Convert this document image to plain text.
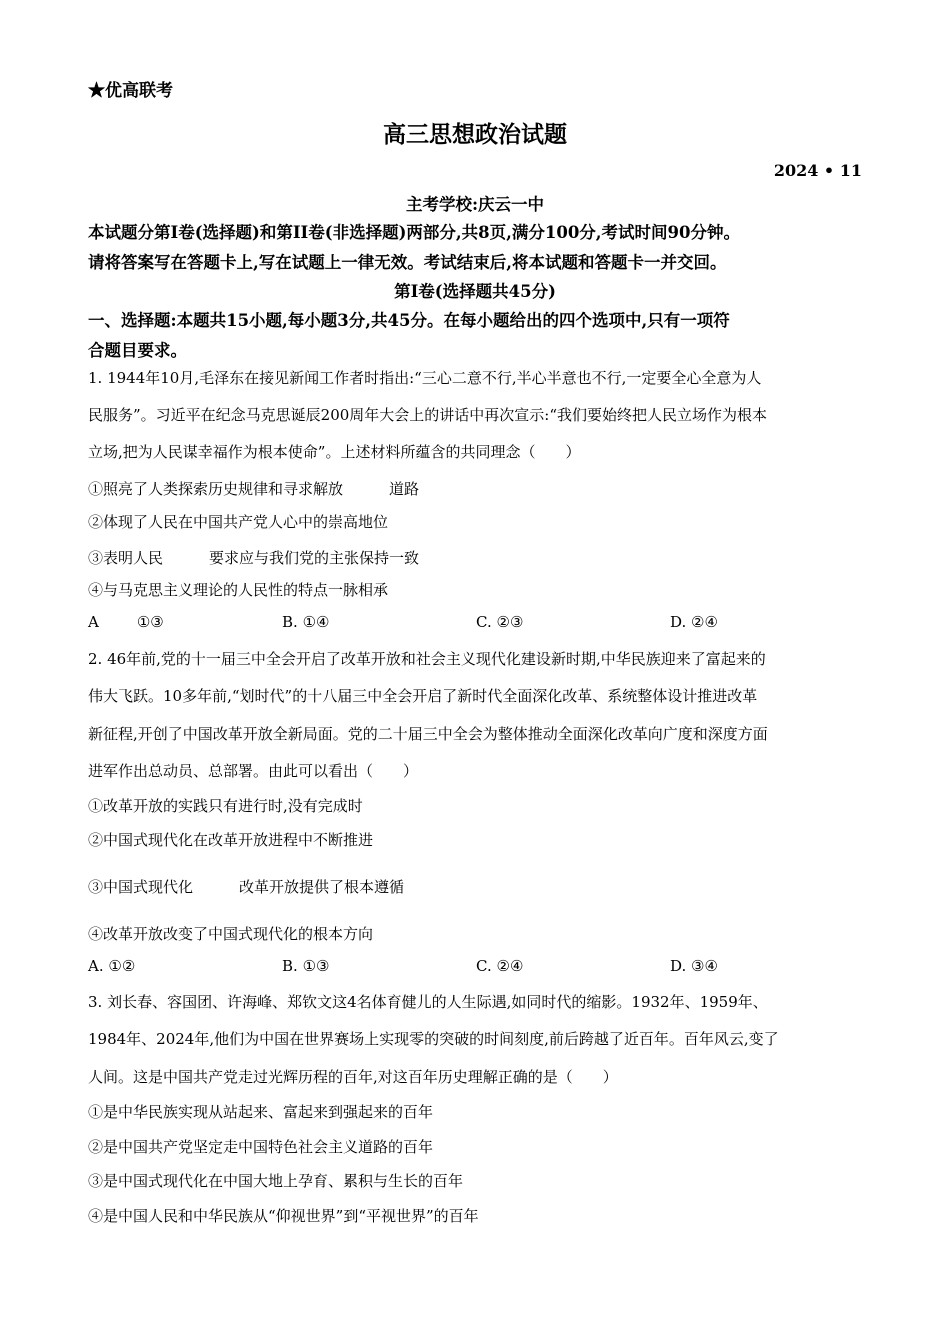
★优高联考
高三思想政治试题
2024 • 11
主考学校:庆云一中
本试题分第Ⅰ卷(选择题)和第II卷(非选择题)两部分,共8页,满分100分,考试时间90分钟。
请将答案写在答题卡上,写在试题上一律无效。考试结束后,将本试题和答题卡一并交回。
第Ⅰ卷(选择题共45分)
一、选择题:本题共15小题,每小题3分,共45分。在每小题给出的四个选项中,只有一项符
合题目要求。
1. 1944年10月,毛泽东在接见新闻工作者时指出:“三心二意不行,半心半意也不行,一定要全心全意为人
民服务”。习近平在纪念马克思诞辰200周年大会上的讲话中再次宣示:“我们要始终把人民立场作为根本
立场,把为人民谋幸福作为根本使命”。上述材料所蕴含的共同理念（　　）
①照亮了人类探索历史规律和寻求解放	道路
②体现了人民在中国共产党人心中的崇高地位
③表明人民	要求应与我们党的主张保持一致
④与马克思主义理论的人民性的特点一脉相承
A	①③	B. ①④	C. ②③	D. ②④
2. 46年前,党的十一届三中全会开启了改革开放和社会主义现代化建设新时期,中华民族迎来了富起来的
伟大飞跃。10多年前,“划时代”的十八届三中全会开启了新时代全面深化改革、系统整体设计推进改革
新征程,开创了中国改革开放全新局面。党的二十届三中全会为整体推动全面深化改革向广度和深度方面
进军作出总动员、总部署。由此可以看出（　　）
①改革开放的实践只有进行时,没有完成时
②中国式现代化在改革开放进程中不断推进
③中国式现代化	改革开放提供了根本遵循
④改革开放改变了中国式现代化的根本方向
A. ①②	B. ①③	C. ②④	D. ③④
3. 刘长春、容国团、许海峰、郑钦文这4名体育健儿的人生际遇,如同时代的缩影。1932年、1959年、
1984年、2024年,他们为中国在世界赛场上实现零的突破的时间刻度,前后跨越了近百年。百年风云,变了
人间。这是中国共产党走过光辉历程的百年,对这百年历史理解正确的是（　　）
①是中华民族实现从站起来、富起来到强起来的百年
②是中国共产党坚定走中国特色社会主义道路的百年
③是中国式现代化在中国大地上孕育、累积与生长的百年
④是中国人民和中华民族从“仰视世界”到“平视世界”的百年
